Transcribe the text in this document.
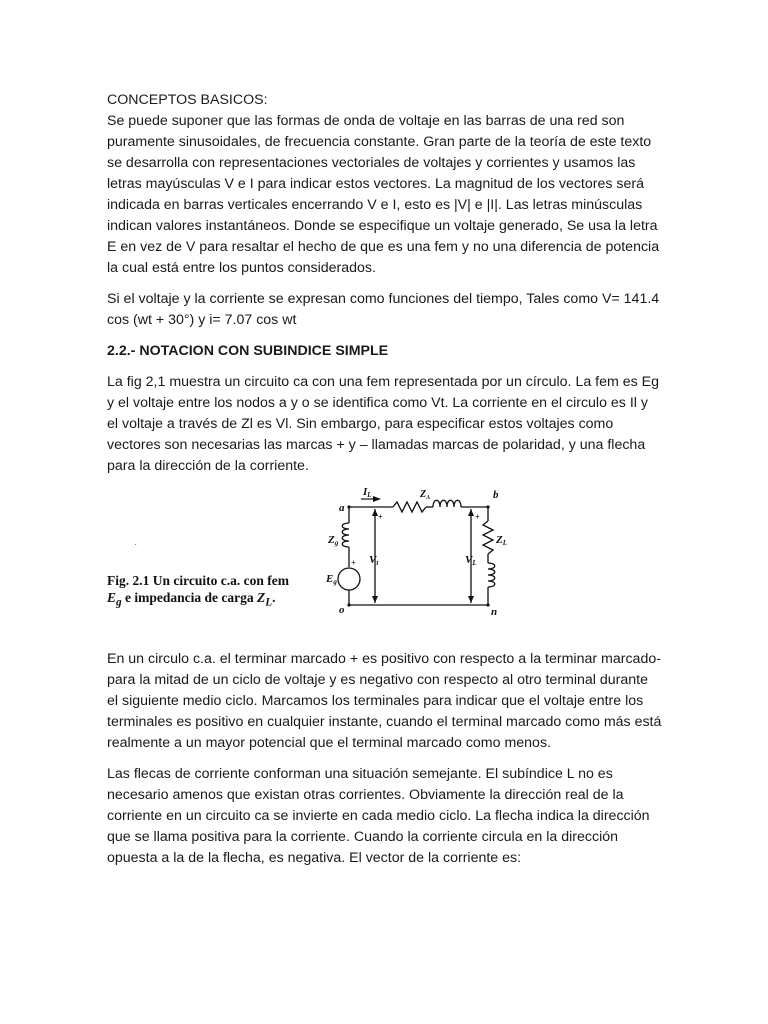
CONCEPTOS BASICOS:

Se puede suponer que las formas de onda de voltaje en las barras de una red son puramente sinusoidales, de frecuencia constante. Gran parte de la teoría de este texto se desarrolla con representaciones vectoriales de voltajes y corrientes y usamos las letras mayúsculas V e I para indicar estos vectores. La magnitud de los vectores será indicada en barras verticales encerrando V e I, esto es |V| e |I|. Las letras minúsculas indican valores instantáneos. Donde se especifique un voltaje generado, Se usa la letra E en vez de V para resaltar el hecho de que es una fem y no una diferencia de potencia la cual está entre los puntos considerados.

Si el voltaje y la corriente se expresan como funciones del tiempo, Tales como V= 141.4 cos (wt + 30°) y i= 7.07 cos wt

2.2.- NOTACION CON SUBINDICE SIMPLE

La fig 2,1 muestra un circuito ca con una fem representada por un círculo. La fem es Eg y el voltaje entre los nodos a y o se identifica como Vt. La corriente en el circulo es Il y el voltaje a través de Zl es Vl. Sin embargo, para especificar estos voltajes como vectores son necesarias las marcas + y – llamadas marcas de polaridad, y una flecha para la dirección de la corriente.

·
Fig. 2.1 Un circuito c.a. con fem
$E_g$ e impedancia de carga $Z_L$.
a
b
o	n
IL	$Z_A$
Zg
Eg
Vt	VL
ZL
+
+
+

En un circulo c.a. el terminar marcado + es positivo con respecto a la terminar marcado- para la mitad de un ciclo de voltaje y es negativo con respecto al otro terminal durante el siguiente medio ciclo. Marcamos los terminales para indicar que el voltaje entre los terminales es positivo en cualquier instante, cuando el terminal marcado como más está realmente a un mayor potencial que el terminal marcado como menos.

Las flecas de corriente conforman una situación semejante. El subíndice L no es necesario amenos que existan otras corrientes. Obviamente la dirección real de la corriente en un circuito ca se invierte en cada medio ciclo. La flecha indica la dirección que se llama positiva para la corriente. Cuando la corriente circula en la dirección opuesta a la de la flecha, es negativa. El vector de la corriente es:
